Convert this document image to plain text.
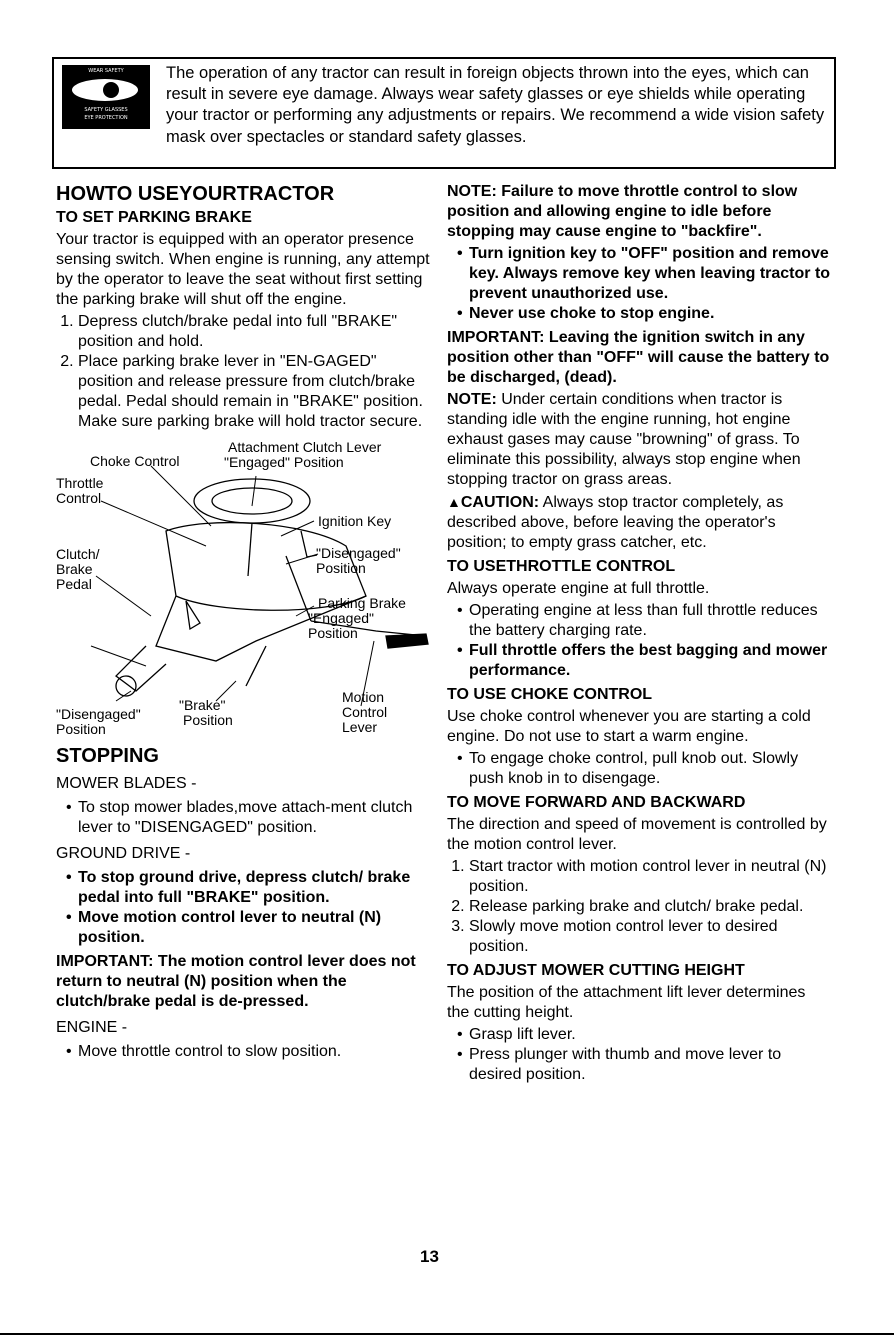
WEAR SAFETY
SAFETY GLASSES
EYE PROTECTION
The operation of any tractor can result in foreign objects thrown into the eyes, which can result in severe eye damage. Always wear safety glasses or eye shields while operating your tractor or performing any adjustments or repairs. We recommend a wide vision safety mask over spectacles or standard safety glasses.
HOWTO USEYOURTRACTOR
TO SET PARKING BRAKE

Your tractor is equipped with an operator presence sensing switch. When engine is running, any attempt by the operator to leave the seat without first setting the parking brake will shut off the engine.

1. Depress clutch/brake pedal into full "BRAKE" position and hold.
2. Place parking brake lever in "EN-GAGED" position and release pressure from clutch/brake pedal. Pedal should remain in "BRAKE" position. Make sure parking brake will hold tractor secure.
Choke Control
Attachment Clutch Lever
"Engaged" Position
Throttle
Control
Ignition Key
Clutch/
Brake
Pedal
"Disengaged"
Position
Parking Brake
"Engaged"
Position
Motion
Control
Lever
"Disengaged"
Position
"Brake"
Position
STOPPING

MOWER BLADES -

• To stop mower blades,move attach-ment clutch lever to "DISENGAGED" position.

GROUND DRIVE -

• To stop ground drive, depress clutch/ brake pedal into full "BRAKE" position.
• Move motion control lever to neutral (N) position.

IMPORTANT: The motion control lever does not return to neutral (N) position when the clutch/brake pedal is de-pressed.

ENGINE -

• Move throttle control to slow position.

NOTE: Failure to move throttle control to slow position and allowing engine to idle before stopping may cause engine to "backfire".

• Turn ignition key to "OFF" position and remove key. Always remove key when leaving tractor to prevent unauthorized use.
• Never use choke to stop engine.

IMPORTANT: Leaving the ignition switch in any position other than "OFF" will cause the battery to be discharged, (dead).

NOTE: Under certain conditions when tractor is standing idle with the engine running, hot engine exhaust gases may cause "browning" of grass. To eliminate this possibility, always stop engine when stopping tractor on grass areas.

▲CAUTION: Always stop tractor completely, as described above, before leaving the operator's position; to empty grass catcher, etc.

TO USETHROTTLE CONTROL

Always operate engine at full throttle.

• Operating engine at less than full throttle reduces the battery charging rate.
• Full throttle offers the best bagging and mower performance.
TO USE CHOKE CONTROL

Use choke control whenever you are starting a cold engine. Do not use to start a warm engine.

• To engage choke control, pull knob out. Slowly push knob in to disengage.
TO MOVE FORWARD AND BACKWARD

The direction and speed of movement is controlled by the motion control lever.

1. Start tractor with motion control lever in neutral (N) position.
2. Release parking brake and clutch/ brake pedal.
3. Slowly move motion control lever to desired position.
TO ADJUST MOWER CUTTING HEIGHT

The position of the attachment lift lever determines the cutting height.

• Grasp lift lever.
• Press plunger with thumb and move lever to desired position.
13
